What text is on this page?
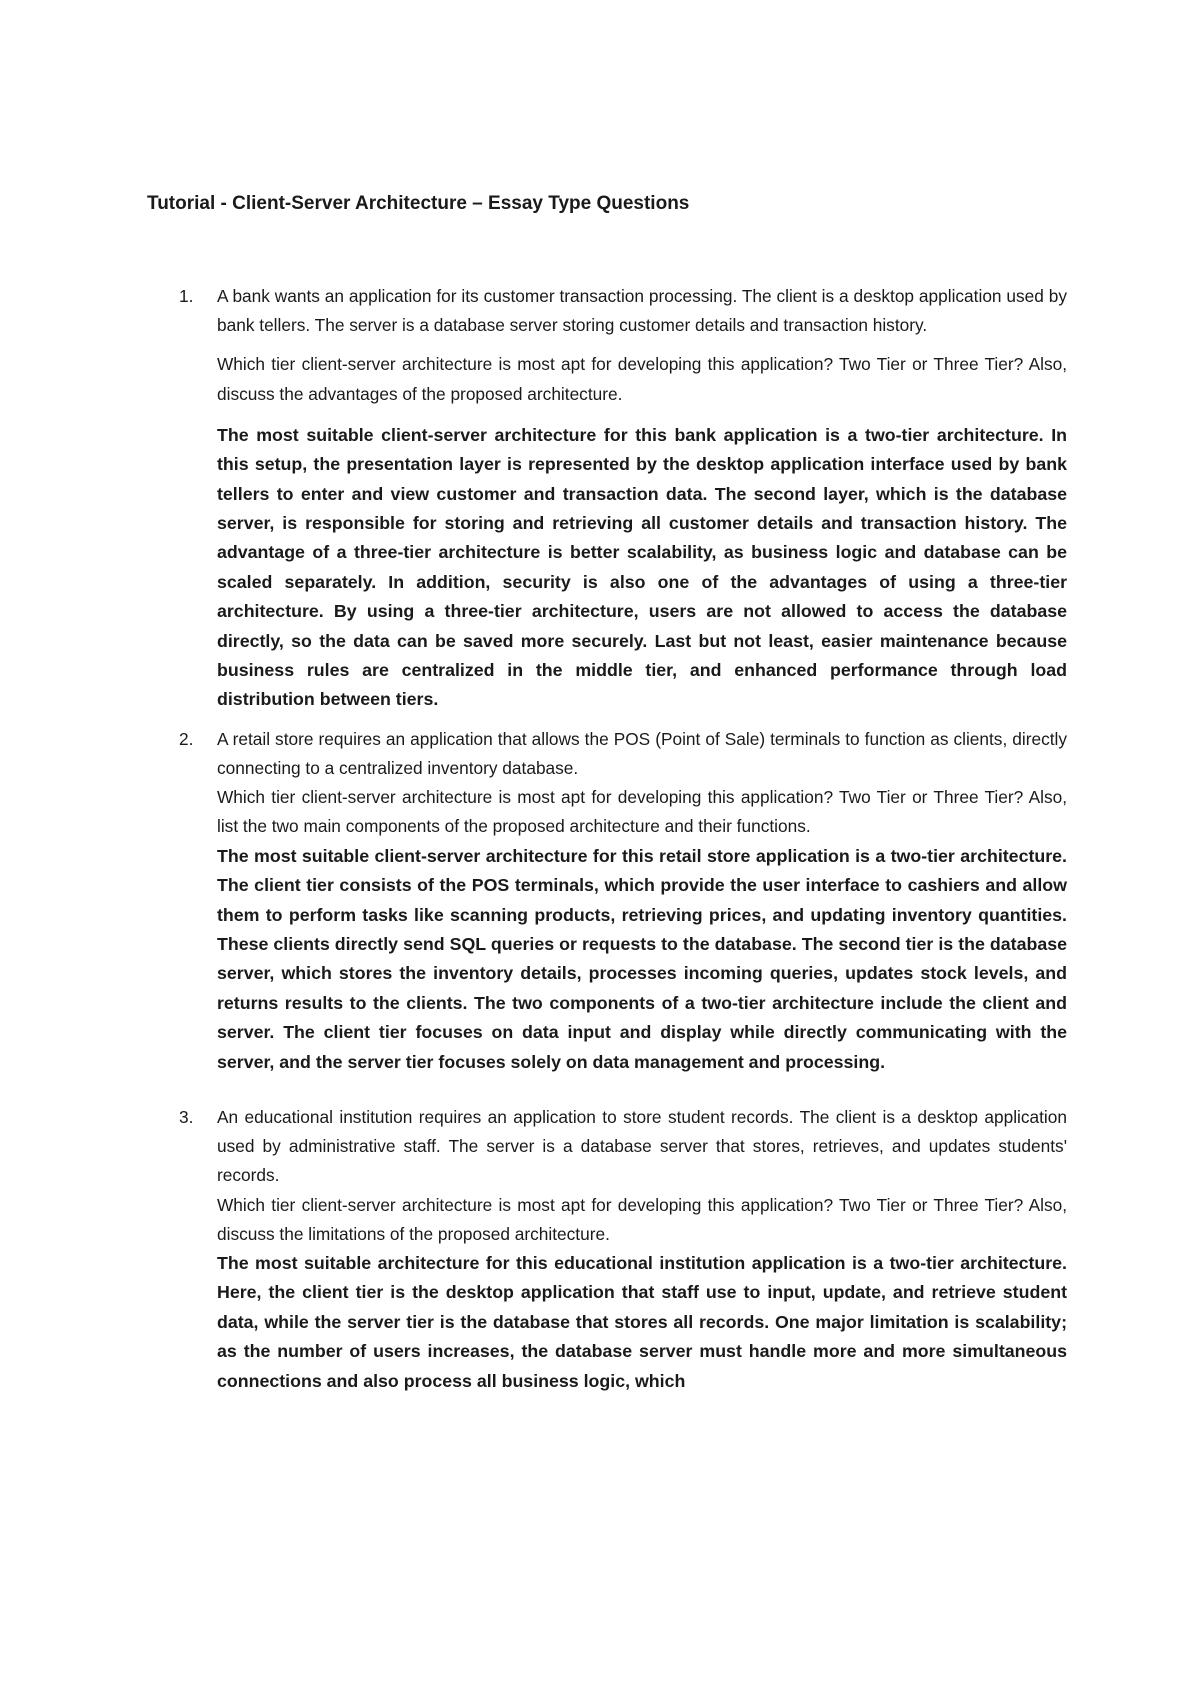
Tutorial - Client-Server Architecture – Essay Type Questions
1. A bank wants an application for its customer transaction processing. The client is a desktop application used by bank tellers. The server is a database server storing customer details and transaction history.

Which tier client-server architecture is most apt for developing this application? Two Tier or Three Tier? Also, discuss the advantages of the proposed architecture.

The most suitable client-server architecture for this bank application is a two-tier architecture. In this setup, the presentation layer is represented by the desktop application interface used by bank tellers to enter and view customer and transaction data. The second layer, which is the database server, is responsible for storing and retrieving all customer details and transaction history. The advantage of a three-tier architecture is better scalability, as business logic and database can be scaled separately. In addition, security is also one of the advantages of using a three-tier architecture. By using a three-tier architecture, users are not allowed to access the database directly, so the data can be saved more securely. Last but not least, easier maintenance because business rules are centralized in the middle tier, and enhanced performance through load distribution between tiers.

2. A retail store requires an application that allows the POS (Point of Sale) terminals to function as clients, directly connecting to a centralized inventory database.

Which tier client-server architecture is most apt for developing this application? Two Tier or Three Tier? Also, list the two main components of the proposed architecture and their functions.

The most suitable client-server architecture for this retail store application is a two-tier architecture. The client tier consists of the POS terminals, which provide the user interface to cashiers and allow them to perform tasks like scanning products, retrieving prices, and updating inventory quantities. These clients directly send SQL queries or requests to the database. The second tier is the database server, which stores the inventory details, processes incoming queries, updates stock levels, and returns results to the clients. The two components of a two-tier architecture include the client and server. The client tier focuses on data input and display while directly communicating with the server, and the server tier focuses solely on data management and processing.

3. An educational institution requires an application to store student records. The client is a desktop application used by administrative staff. The server is a database server that stores, retrieves, and updates students' records.

Which tier client-server architecture is most apt for developing this application? Two Tier or Three Tier? Also, discuss the limitations of the proposed architecture.

The most suitable architecture for this educational institution application is a two-tier architecture. Here, the client tier is the desktop application that staff use to input, update, and retrieve student data, while the server tier is the database that stores all records. One major limitation is scalability; as the number of users increases, the database server must handle more and more simultaneous connections and also process all business logic, which
